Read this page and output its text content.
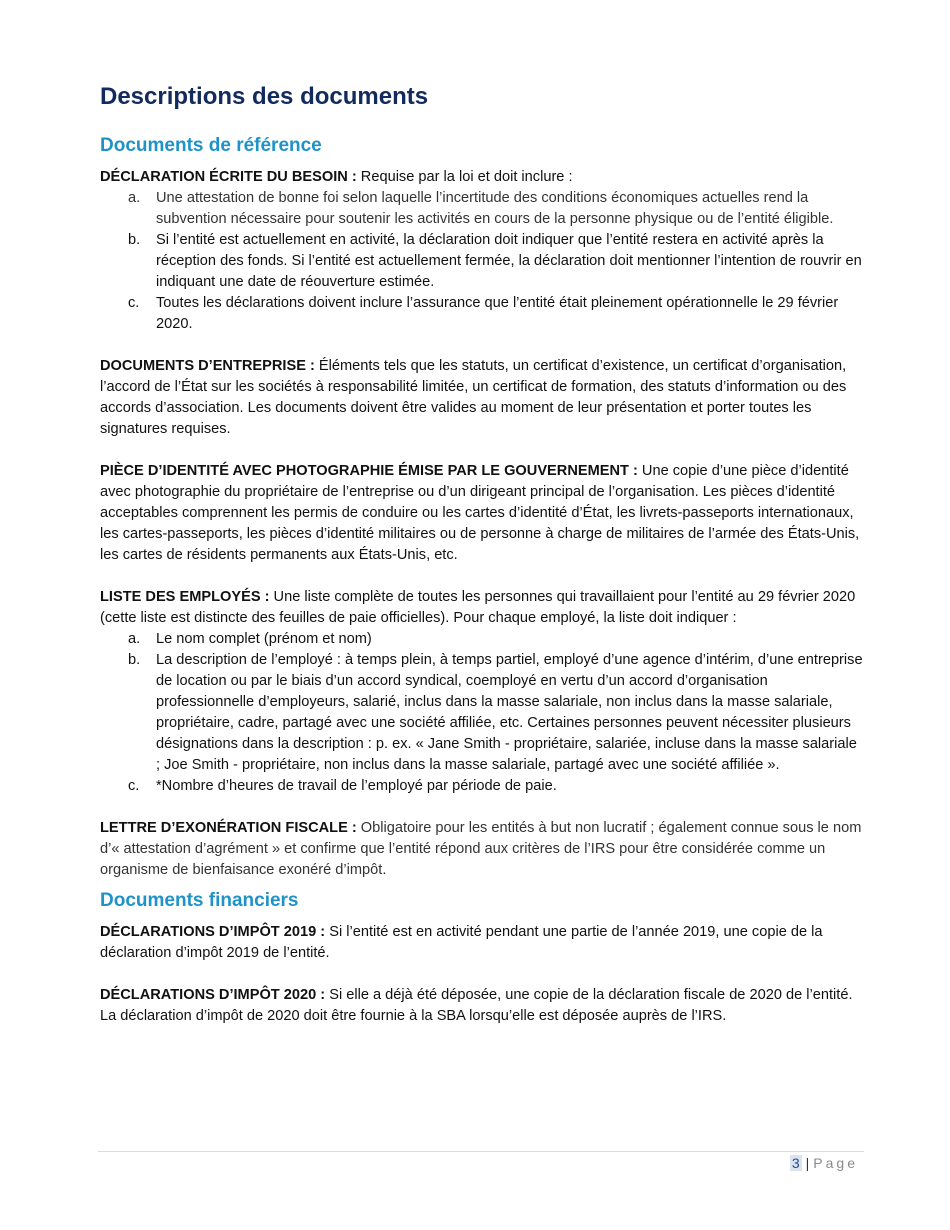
Descriptions des documents
Documents de référence

DÉCLARATION ÉCRITE DU BESOIN : Requise par la loi et doit inclure :

a. Une attestation de bonne foi selon laquelle l’incertitude des conditions économiques actuelles rend la subvention nécessaire pour soutenir les activités en cours de la personne physique ou de l’entité éligible.
b. Si l’entité est actuellement en activité, la déclaration doit indiquer que l’entité restera en activité après la réception des fonds. Si l’entité est actuellement fermée, la déclaration doit mentionner l’intention de rouvrir en indiquant une date de réouverture estimée.
c. Toutes les déclarations doivent inclure l’assurance que l’entité était pleinement opérationnelle le 29 février 2020.

DOCUMENTS D’ENTREPRISE : Éléments tels que les statuts, un certificat d’existence, un certificat d’organisation, l’accord de l’État sur les sociétés à responsabilité limitée, un certificat de formation, des statuts d’information ou des accords d’association. Les documents doivent être valides au moment de leur présentation et porter toutes les signatures requises.

PIÈCE D’IDENTITÉ AVEC PHOTOGRAPHIE ÉMISE PAR LE GOUVERNEMENT : Une copie d’une pièce d’identité avec photographie du propriétaire de l’entreprise ou d’un dirigeant principal de l’organisation. Les pièces d’identité acceptables comprennent les permis de conduire ou les cartes d’identité d’État, les livrets-passeports internationaux, les cartes-passeports, les pièces d’identité militaires ou de personne à charge de militaires de l’armée des États-Unis, les cartes de résidents permanents aux États-Unis, etc.

LISTE DES EMPLOYÉS : Une liste complète de toutes les personnes qui travaillaient pour l’entité au 29 février 2020 (cette liste est distincte des feuilles de paie officielles). Pour chaque employé, la liste doit indiquer :

a. Le nom complet (prénom et nom)
b. La description de l’employé : à temps plein, à temps partiel, employé d’une agence d’intérim, d’une entreprise de location ou par le biais d’un accord syndical, coemployé en vertu d’un accord d’organisation professionnelle d’employeurs, salarié, inclus dans la masse salariale, non inclus dans la masse salariale, propriétaire, cadre, partagé avec une société affiliée, etc. Certaines personnes peuvent nécessiter plusieurs désignations dans la description : p. ex. « Jane Smith - propriétaire, salariée, incluse dans la masse salariale ; Joe Smith - propriétaire, non inclus dans la masse salariale, partagé avec une société affiliée ».
c. *Nombre d’heures de travail de l’employé par période de paie.

LETTRE D’EXONÉRATION FISCALE : Obligatoire pour les entités à but non lucratif ; également connue sous le nom d’« attestation d’agrément » et confirme que l’entité répond aux critères de l’IRS pour être considérée comme un organisme de bienfaisance exonéré d’impôt.

Documents financiers

DÉCLARATIONS D’IMPÔT 2019 : Si l’entité est en activité pendant une partie de l’année 2019, une copie de la déclaration d’impôt 2019 de l’entité.

DÉCLARATIONS D’IMPÔT 2020 : Si elle a déjà été déposée, une copie de la déclaration fiscale de 2020 de l’entité. La déclaration d’impôt de 2020 doit être fournie à la SBA lorsqu’elle est déposée auprès de l’IRS.

3 | Page
